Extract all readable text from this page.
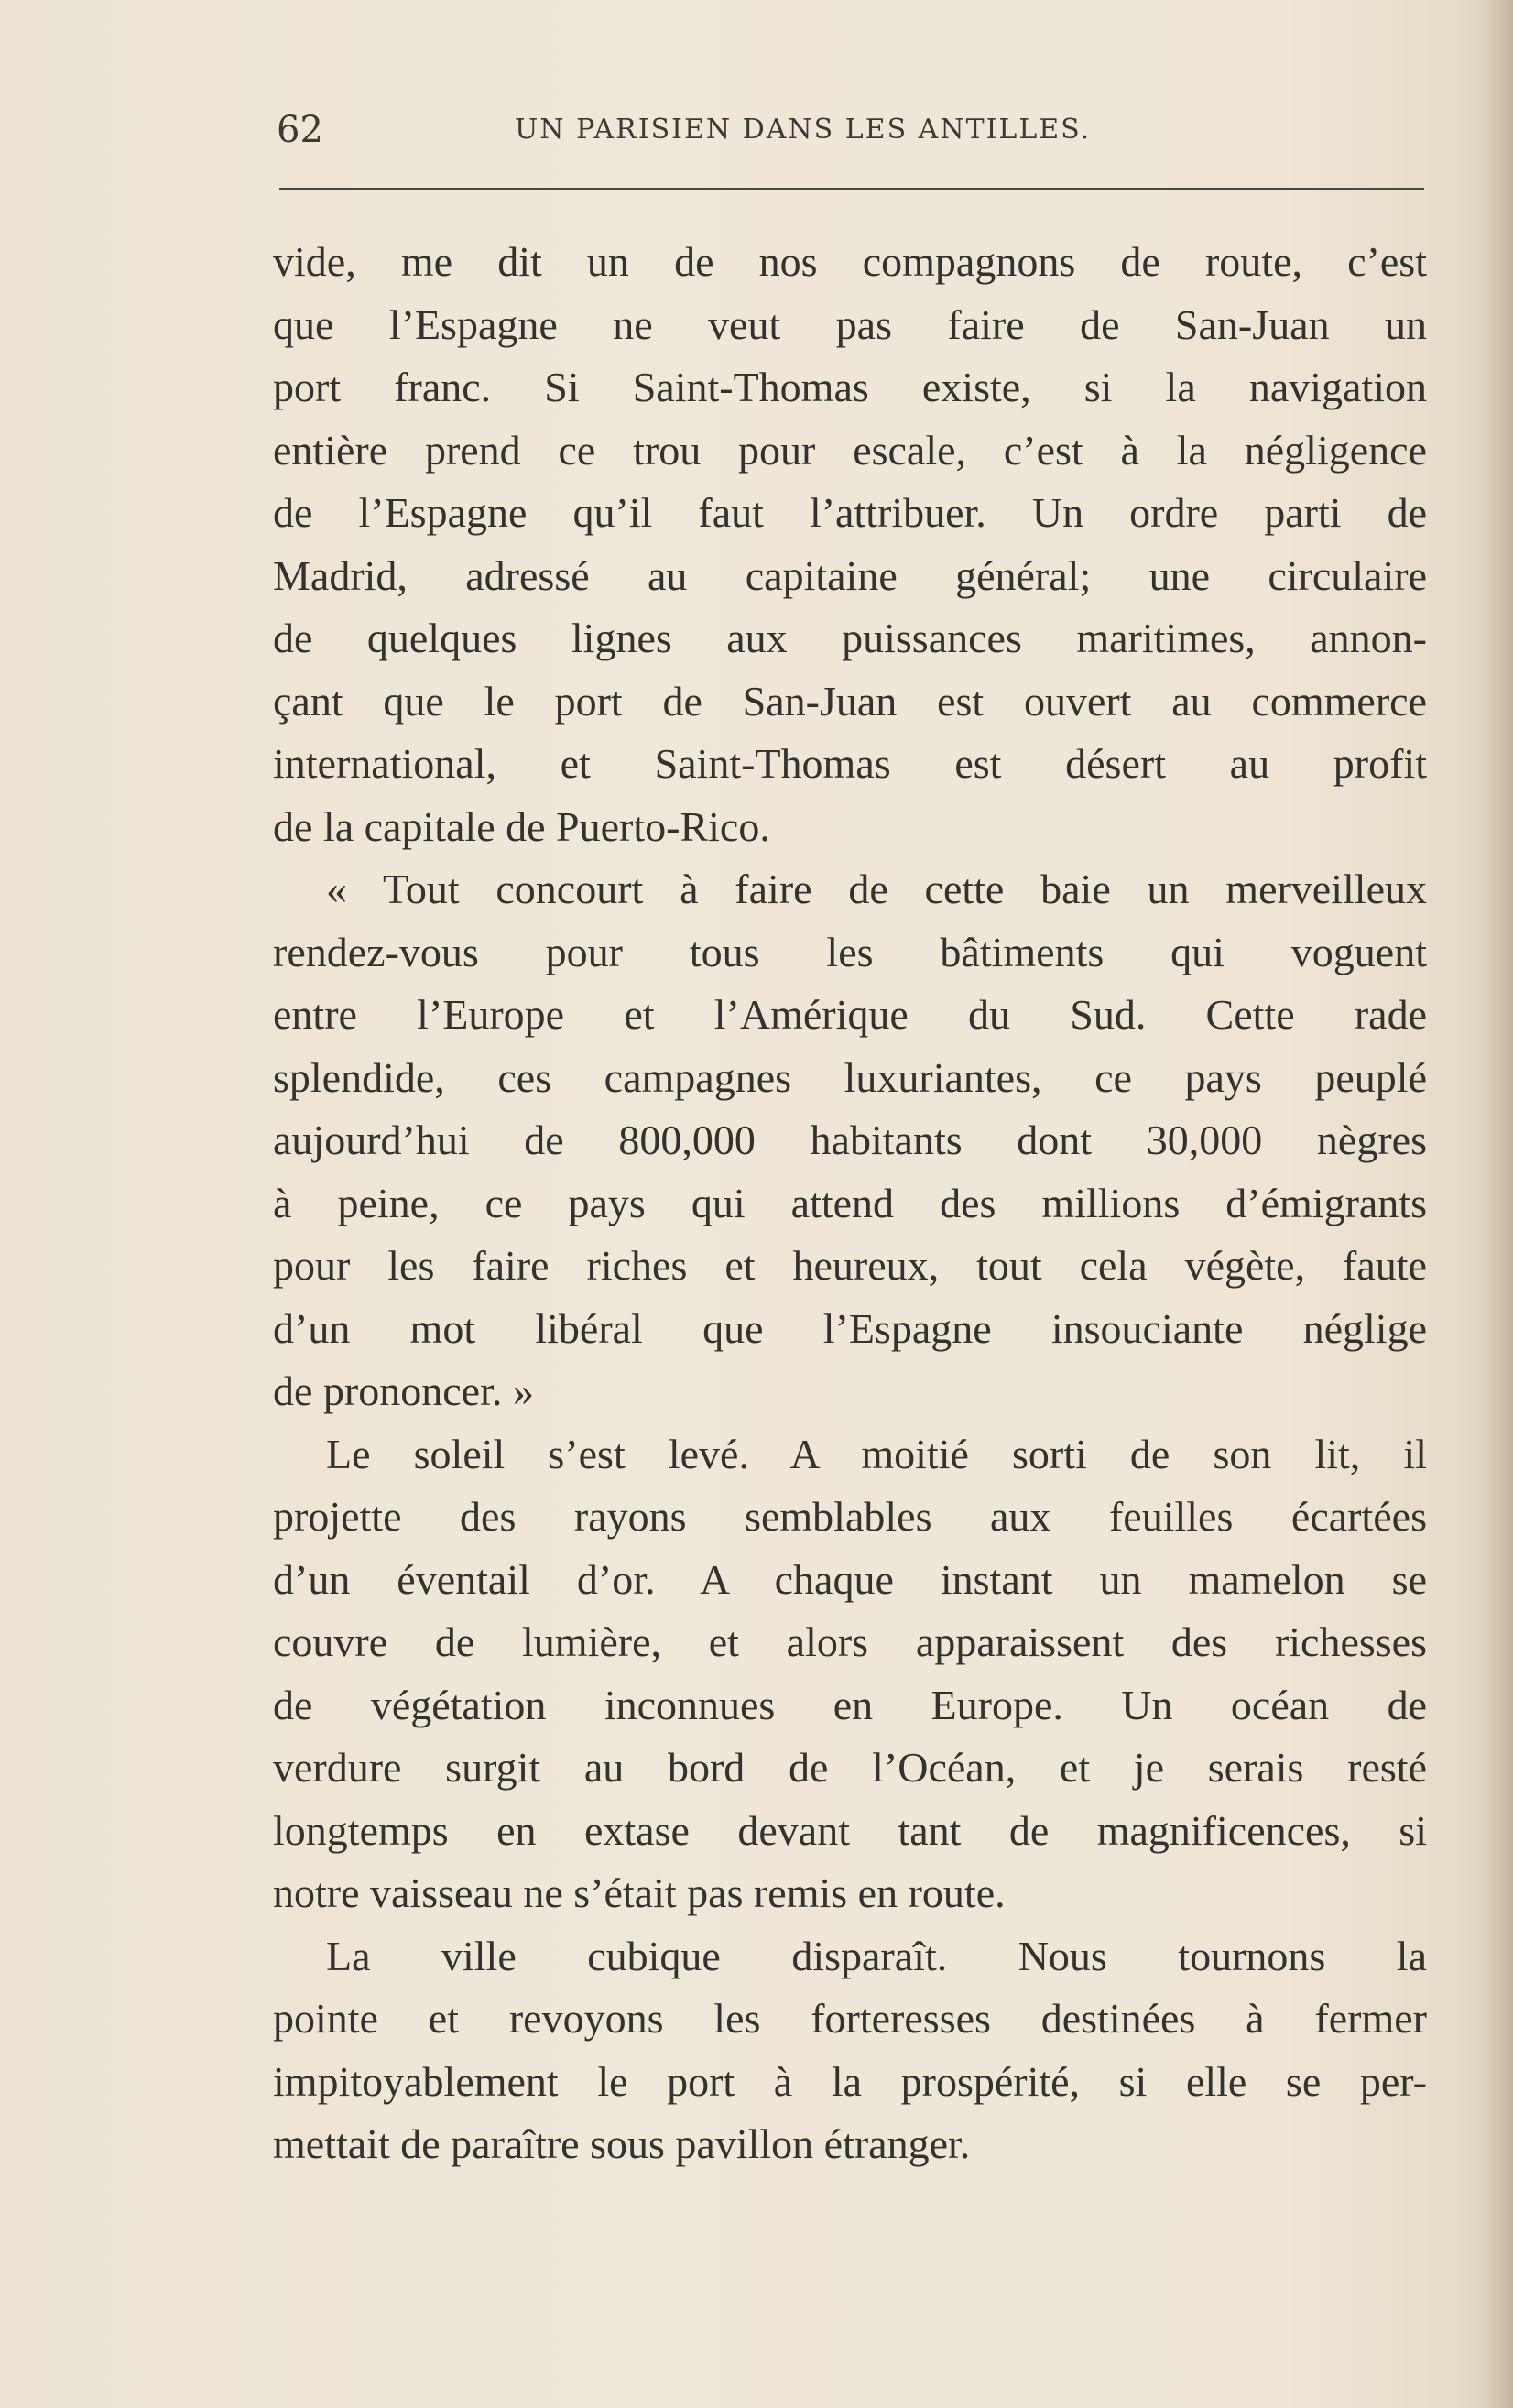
62	UN PARISIEN DANS LES ANTILLES.
vide, me dit un de nos compagnons de route, c’est
que l’Espagne ne veut pas faire de San-Juan un
port franc. Si Saint-Thomas existe, si la navigation
entière prend ce trou pour escale, c’est à la négligence
de l’Espagne qu’il faut l’attribuer. Un ordre parti de
Madrid, adressé au capitaine général; une circulaire
de quelques lignes aux puissances maritimes, annon-
çant que le port de San-Juan est ouvert au commerce
international, et Saint-Thomas est désert au profit
de la capitale de Puerto-Rico.
« Tout concourt à faire de cette baie un merveilleux
rendez-vous pour tous les bâtiments qui voguent
entre l’Europe et l’Amérique du Sud. Cette rade
splendide, ces campagnes luxuriantes, ce pays peuplé
aujourd’hui de 800,000 habitants dont 30,000 nègres
à peine, ce pays qui attend des millions d’émigrants
pour les faire riches et heureux, tout cela végète, faute
d’un mot libéral que l’Espagne insouciante néglige
de prononcer. »
Le soleil s’est levé. A moitié sorti de son lit, il
projette des rayons semblables aux feuilles écartées
d’un éventail d’or. A chaque instant un mamelon se
couvre de lumière, et alors apparaissent des richesses
de végétation inconnues en Europe. Un océan de
verdure surgit au bord de l’Océan, et je serais resté
longtemps en extase devant tant de magnificences, si
notre vaisseau ne s’était pas remis en route.
La ville cubique disparaît. Nous tournons la
pointe et revoyons les forteresses destinées à fermer
impitoyablement le port à la prospérité, si elle se per-
mettait de paraître sous pavillon étranger.
